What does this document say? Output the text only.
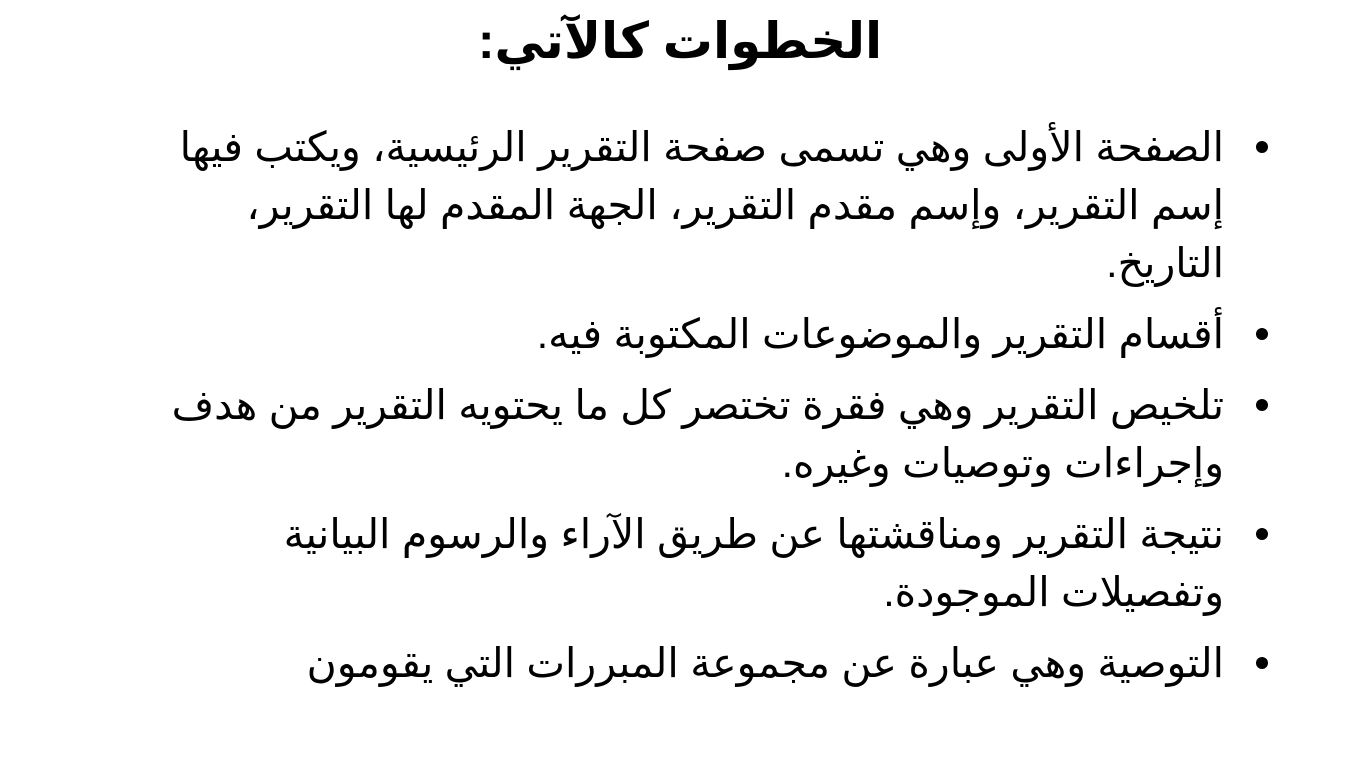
الخطوات كالآتي:
الصفحة الأولى وهي تسمى صفحة التقرير الرئيسية، ويكتب فيها إسم التقرير، وإسم مقدم التقرير، الجهة المقدم لها التقرير، التاريخ.
أقسام التقرير والموضوعات المكتوبة فيه.
تلخيص التقرير وهي فقرة تختصر كل ما يحتويه التقرير من هدف وإجراءات وتوصيات وغيره.
نتيجة التقرير ومناقشتها عن طريق الآراء والرسوم البيانية وتفصيلات الموجودة.
التوصية وهي عبارة عن مجموعة المبررات التي يقومون
